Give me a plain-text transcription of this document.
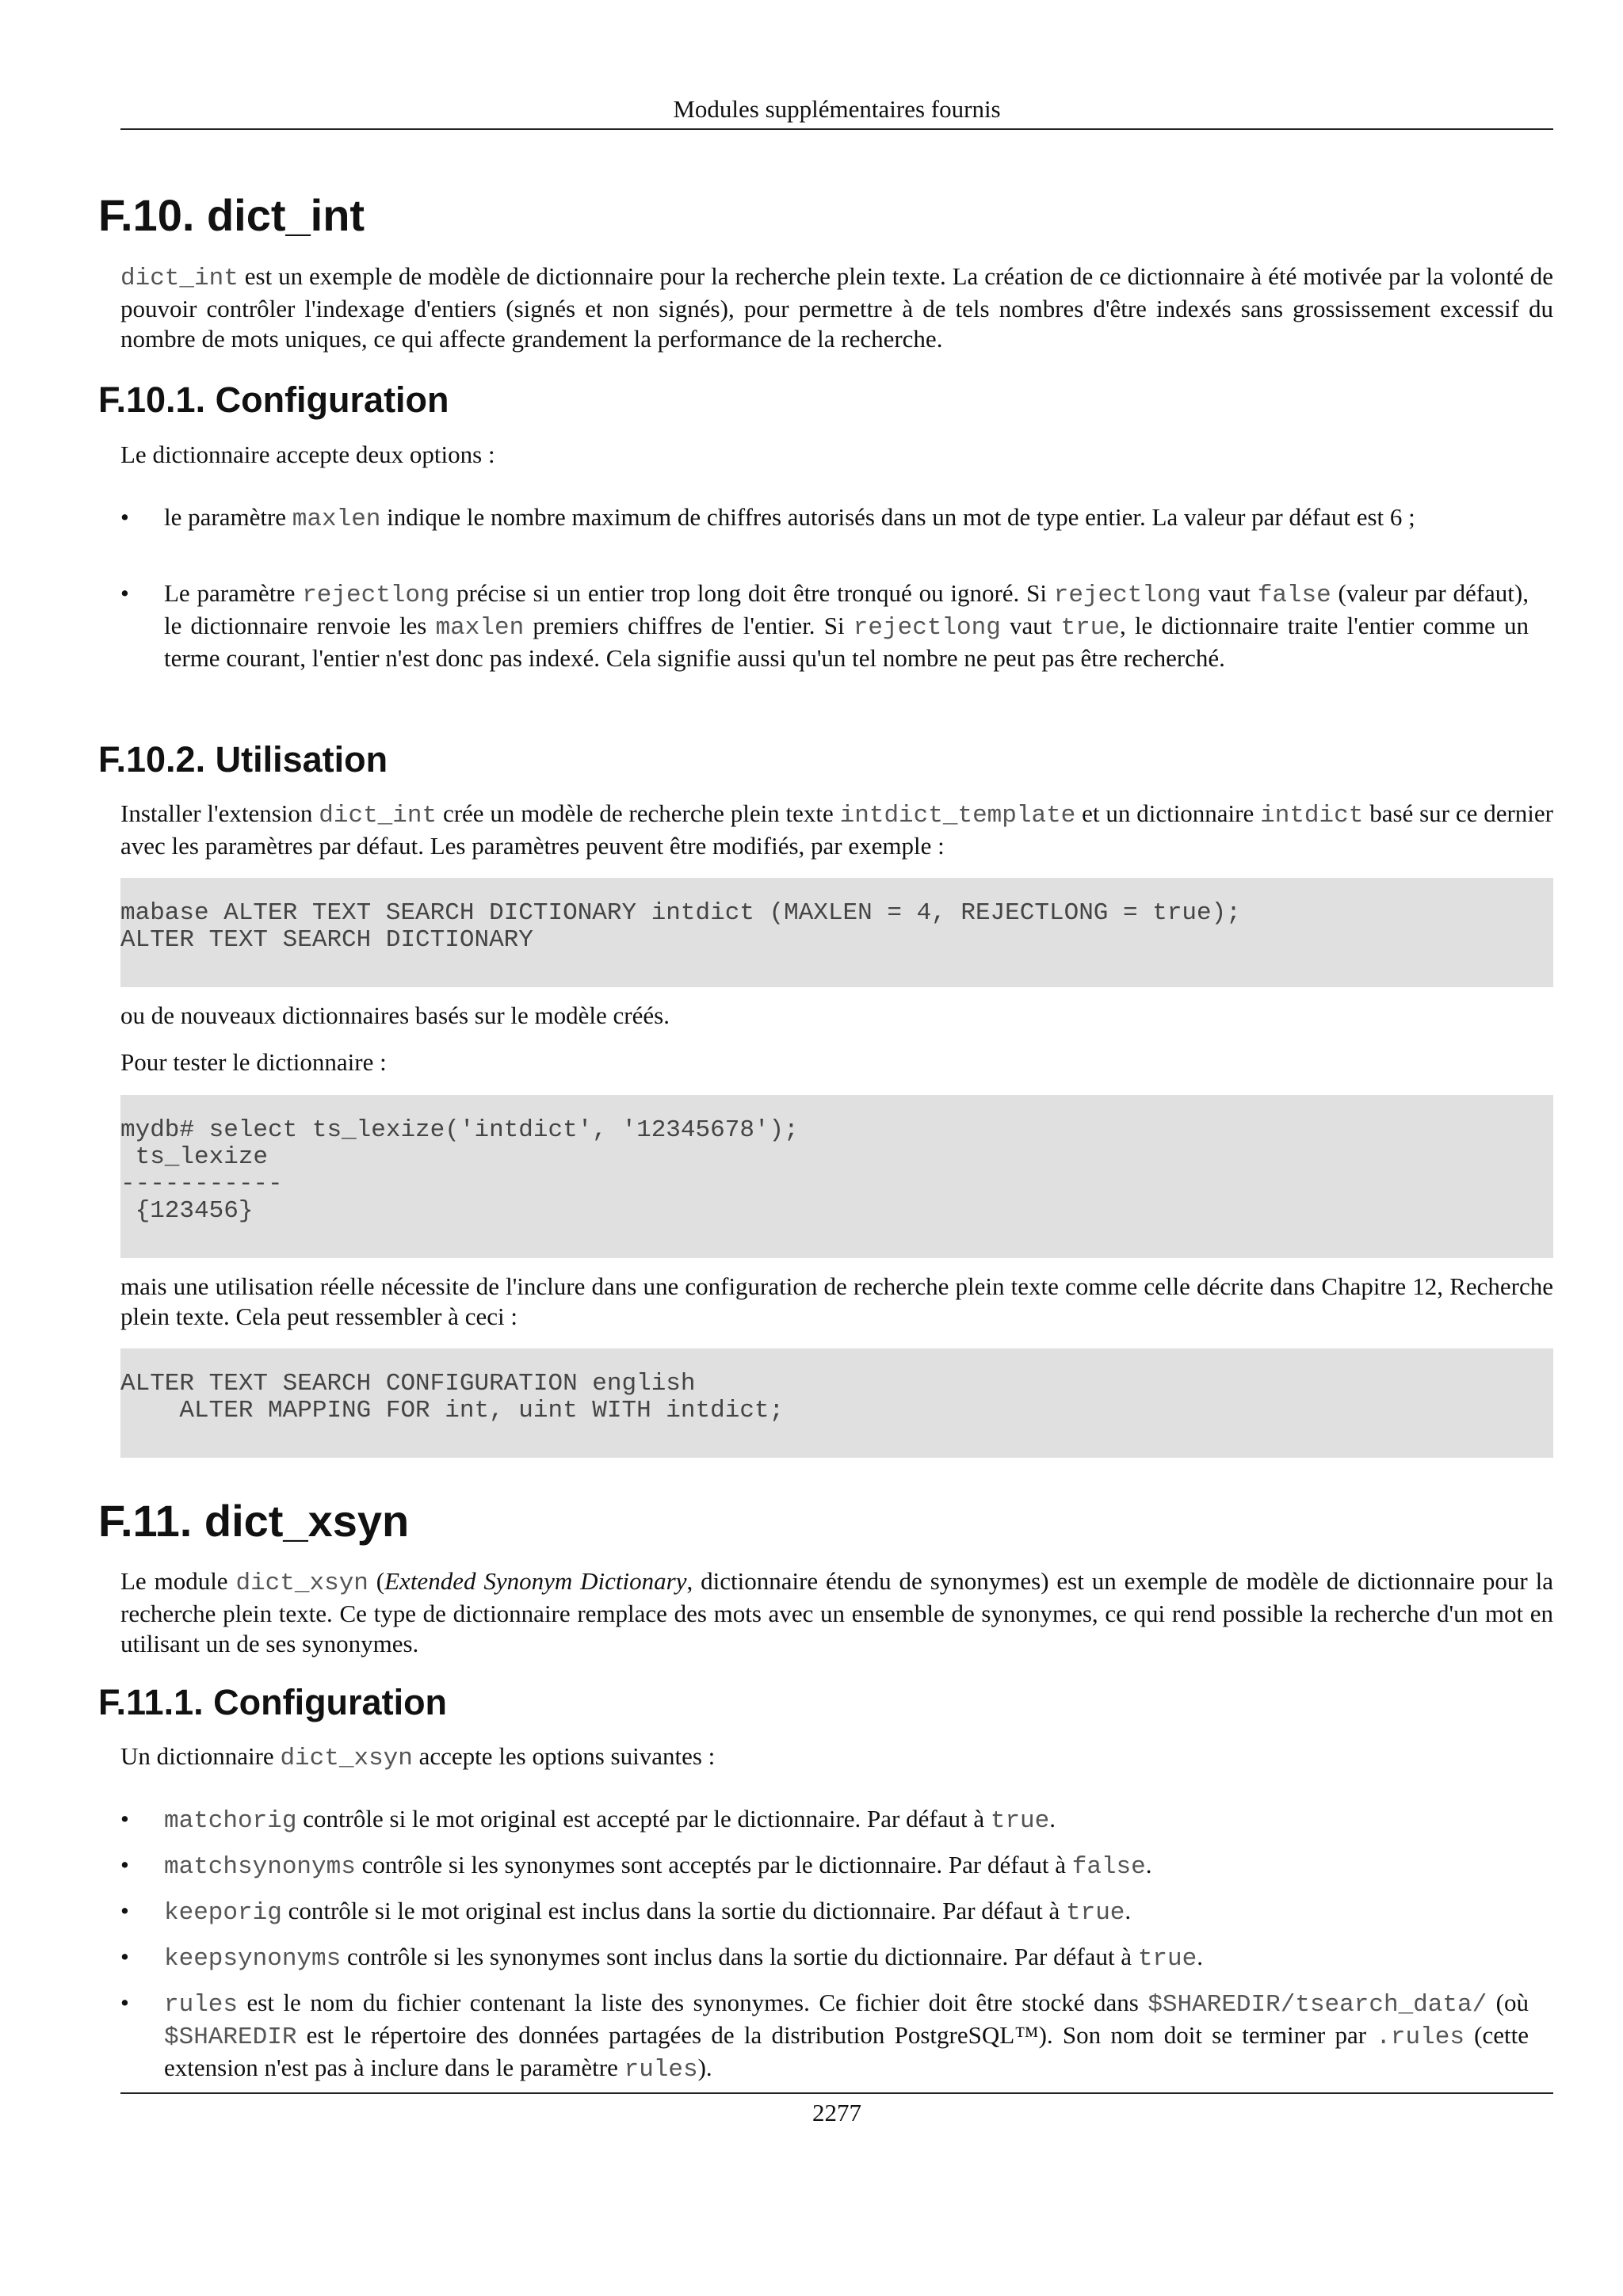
Modules supplémentaires fournis
F.10. dict_int

dict_int est un exemple de modèle de dictionnaire pour la recherche plein texte. La création de ce dictionnaire à été motivée par la volonté de pouvoir contrôler l'indexage d'entiers (signés et non signés), pour permettre à de tels nombres d'être indexés sans grossissement excessif du nombre de mots uniques, ce qui affecte grandement la performance de la recherche.

F.10.1. Configuration

Le dictionnaire accepte deux options :

• le paramètre maxlen indique le nombre maximum de chiffres autorisés dans un mot de type entier. La valeur par défaut est 6 ;
• Le paramètre rejectlong précise si un entier trop long doit être tronqué ou ignoré. Si rejectlong vaut false (valeur par défaut), le dictionnaire renvoie les maxlen premiers chiffres de l'entier. Si rejectlong vaut true, le dictionnaire traite l'entier comme un terme courant, l'entier n'est donc pas indexé. Cela signifie aussi qu'un tel nombre ne peut pas être recherché.
F.10.2. Utilisation

Installer l'extension dict_int crée un modèle de recherche plein texte intdict_template et un dictionnaire intdict basé sur ce dernier avec les paramètres par défaut. Les paramètres peuvent être modifiés, par exemple :

mabase ALTER TEXT SEARCH DICTIONARY intdict (MAXLEN = 4, REJECTLONG = true);
ALTER TEXT SEARCH DICTIONARY

ou de nouveaux dictionnaires basés sur le modèle créés.

Pour tester le dictionnaire :

mydb# select ts_lexize('intdict', '12345678');
ts_lexize
-----------
{123456}

mais une utilisation réelle nécessite de l'inclure dans une configuration de recherche plein texte comme celle décrite dans Chapitre 12, Recherche plein texte. Cela peut ressembler à ceci :

ALTER TEXT SEARCH CONFIGURATION english
ALTER MAPPING FOR int, uint WITH intdict;
F.11. dict_xsyn

Le module dict_xsyn (Extended Synonym Dictionary, dictionnaire étendu de synonymes) est un exemple de modèle de dictionnaire pour la recherche plein texte. Ce type de dictionnaire remplace des mots avec un ensemble de synonymes, ce qui rend possible la recherche d'un mot en utilisant un de ses synonymes.

F.11.1. Configuration

Un dictionnaire dict_xsyn accepte les options suivantes :

• matchorig contrôle si le mot original est accepté par le dictionnaire. Par défaut à true.
• matchsynonyms contrôle si les synonymes sont acceptés par le dictionnaire. Par défaut à false.
• keeporig contrôle si le mot original est inclus dans la sortie du dictionnaire. Par défaut à true.
• keepsynonyms contrôle si les synonymes sont inclus dans la sortie du dictionnaire. Par défaut à true.
• rules est le nom du fichier contenant la liste des synonymes. Ce fichier doit être stocké dans $SHAREDIR/tsearch_data/ (où $SHAREDIR est le répertoire des données partagées de la distribution PostgreSQL™). Son nom doit se terminer par .rules (cette extension n'est pas à inclure dans le paramètre rules).
2277
